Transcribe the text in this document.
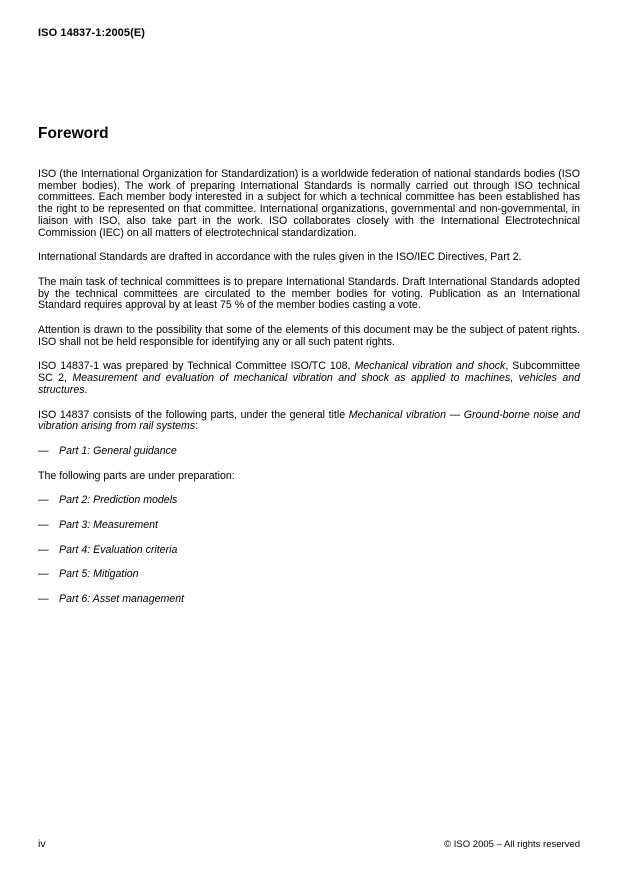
ISO 14837-1:2005(E)
Foreword

ISO (the International Organization for Standardization) is a worldwide federation of national standards bodies (ISO member bodies). The work of preparing International Standards is normally carried out through ISO technical committees. Each member body interested in a subject for which a technical committee has been established has the right to be represented on that committee. International organizations, governmental and non-governmental, in liaison with ISO, also take part in the work. ISO collaborates closely with the International Electrotechnical Commission (IEC) on all matters of electrotechnical standardization.

International Standards are drafted in accordance with the rules given in the ISO/IEC Directives, Part 2.

The main task of technical committees is to prepare International Standards. Draft International Standards adopted by the technical committees are circulated to the member bodies for voting. Publication as an International Standard requires approval by at least 75 % of the member bodies casting a vote.

Attention is drawn to the possibility that some of the elements of this document may be the subject of patent rights. ISO shall not be held responsible for identifying any or all such patent rights.

ISO 14837-1 was prepared by Technical Committee ISO/TC 108, Mechanical vibration and shock, Subcommittee SC 2, Measurement and evaluation of mechanical vibration and shock as applied to machines, vehicles and structures.

ISO 14837 consists of the following parts, under the general title Mechanical vibration — Ground-borne noise and vibration arising from rail systems:

— Part 1: General guidance

The following parts are under preparation:

— Part 2: Prediction models
— Part 3: Measurement
— Part 4: Evaluation criteria
— Part 5: Mitigation
— Part 6: Asset management
iv	© ISO 2005 – All rights reserved
